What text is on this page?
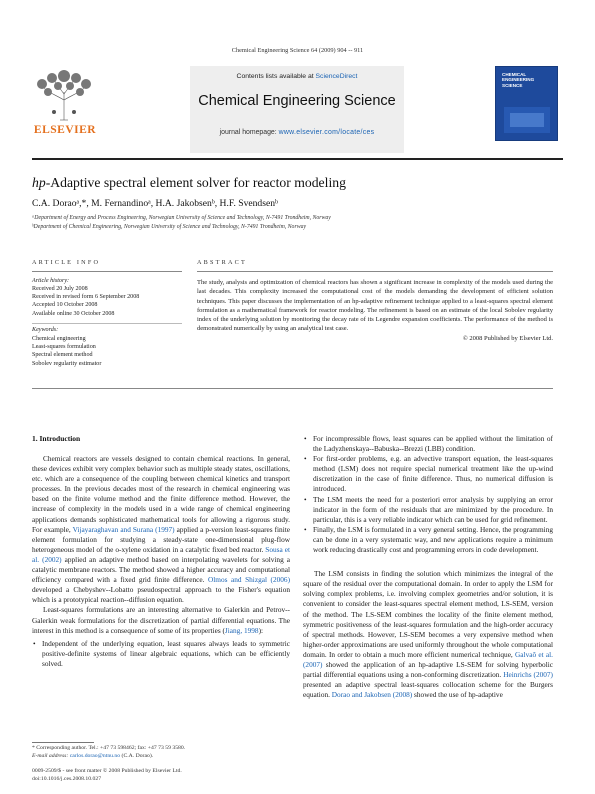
Chemical Engineering Science 64 (2009) 904 -- 911
ELSEVIER
Contents lists available at ScienceDirect
Chemical Engineering Science
journal homepage: www.elsevier.com/locate/ces
CHEMICAL ENGINEERING SCIENCE
hp-Adaptive spectral element solver for reactor modeling
C.A. Doraoᵃ,*, M. Fernandinoᵃ, H.A. Jakobsenᵇ, H.F. Svendsenᵇ
ᵃDepartment of Energy and Process Engineering, Norwegian University of Science and Technology, N-7491 Trondheim, Norway
ᵇDepartment of Chemical Engineering, Norwegian University of Science and Technology, N-7491 Trondheim, Norway
ARTICLE INFO
Article history:
Received 20 July 2008
Received in revised form 6 September 2008
Accepted 10 October 2008
Available online 30 October 2008
Keywords:
Chemical engineering
Least-squares formulation
Spectral element method
Sobolev regularity estimator
ABSTRACT
The study, analysis and optimization of chemical reactors has shown a significant increase in complexity of the models used during the last decades. This complexity increased the computational cost of the models demanding the development of efficient solution techniques. This paper discusses the implementation of an hp-adaptive refinement technique applied to a least-squares spectral element formulation as a mathematical framework for reactor modeling. The refinement is based on an estimate of the local Sobolev regularity index of the underlying solution by monitoring the decay rate of its Legendre expansion coefficients. The performance of the method is demonstrated numerically by using an analytical test case.
© 2008 Published by Elsevier Ltd.
1. Introduction

Chemical reactors are vessels designed to contain chemical reactions. In general, these devices exhibit very complex behavior such as multiple steady states, oscillations, etc. which are a consequence of the coupling between chemical kinetics and transport processes. In the previous decades most of the research in chemical engineering was based on the finite volume method and the finite difference method. However, the increase of complexity in the models used in a wide range of chemical engineering applications demands sophisticated mathematical tools for allowing a rigorous study. For example, Vijayaraghavan and Surana (1997) applied a p-version least-squares finite element formulation for studying a steady-state one-dimensional plug-flow heterogeneous model of the o-xylene oxidation in a catalytic fixed bed reactor. Sousa et al. (2002) applied an adaptive method based on interpolating wavelets for solving a catalytic membrane reactors. The method showed a higher accuracy and computational efficiency compared with a fixed grid finite difference. Olmos and Shizgal (2006) developed a Chebyshev--Lobatto pseudospectral approach to the Fisher's equation which is a prototypical reaction--diffusion equation.

Least-squares formulations are an interesting alternative to Galerkin and Petrov--Galerkin weak formulations for the discretization of partial differential equations. The interest in this method is a consequence of some of its properties (Jiang, 1998):

• Independent of the underlying equation, least squares always leads to symmetric positive-definite systems of linear algebraic equations, which can be efficiently solved.
* Corresponding author. Tel.: +47 73 598462; fax: +47 73 59 3580.
E-mail address: carlos.dorao@ntnu.no (C.A. Dorao).
0009-2509/$ - see front matter © 2008 Published by Elsevier Ltd.
doi:10.1016/j.ces.2008.10.027
• For incompressible flows, least squares can be applied without the limitation of the Ladyzhenskaya--Babuska--Brezzi (LBB) condition.
• For first-order problems, e.g. an advective transport equation, the least-squares method (LSM) does not require special numerical treatment like the up-wind discretization in the case of finite difference. Thus, no numerical diffusion is introduced.
• The LSM meets the need for a posteriori error analysis by supplying an error indicator in the form of the residuals that are minimized by the procedure. In particular, this is a very reliable indicator which can be used for grid refinement.
• Finally, the LSM is formulated in a very general setting. Hence, the programming can be done in a very systematic way, and new applications require a minimum work reducing drastically cost and programming errors in code development.

The LSM consists in finding the solution which minimizes the integral of the square of the residual over the computational domain. In order to apply the LSM for solving complex problems, i.e. involving complex geometries and/or solution, it is convenient to consider the least-squares spectral element method, LS-SEM, version of the method. The LS-SEM combines the locality of the finite element method, symmetric positiveness of the least-squares formulation and the high-order accuracy of spectral methods. However, LS-SEM becomes a very expensive method when higher-order approximations are used uniformly throughout the whole computational domain. In order to obtain a much more efficient numerical technique, Galvaõ et al. (2007) showed the application of an hp-adaptive LS-SEM for solving hyperbolic partial differential equations using a non-conforming discretization. Heinrichs (2007) presented an adaptive spectral least-squares collocation scheme for the Burgers equation. Dorao and Jakobsen (2008) showed the use of hp-adaptive
